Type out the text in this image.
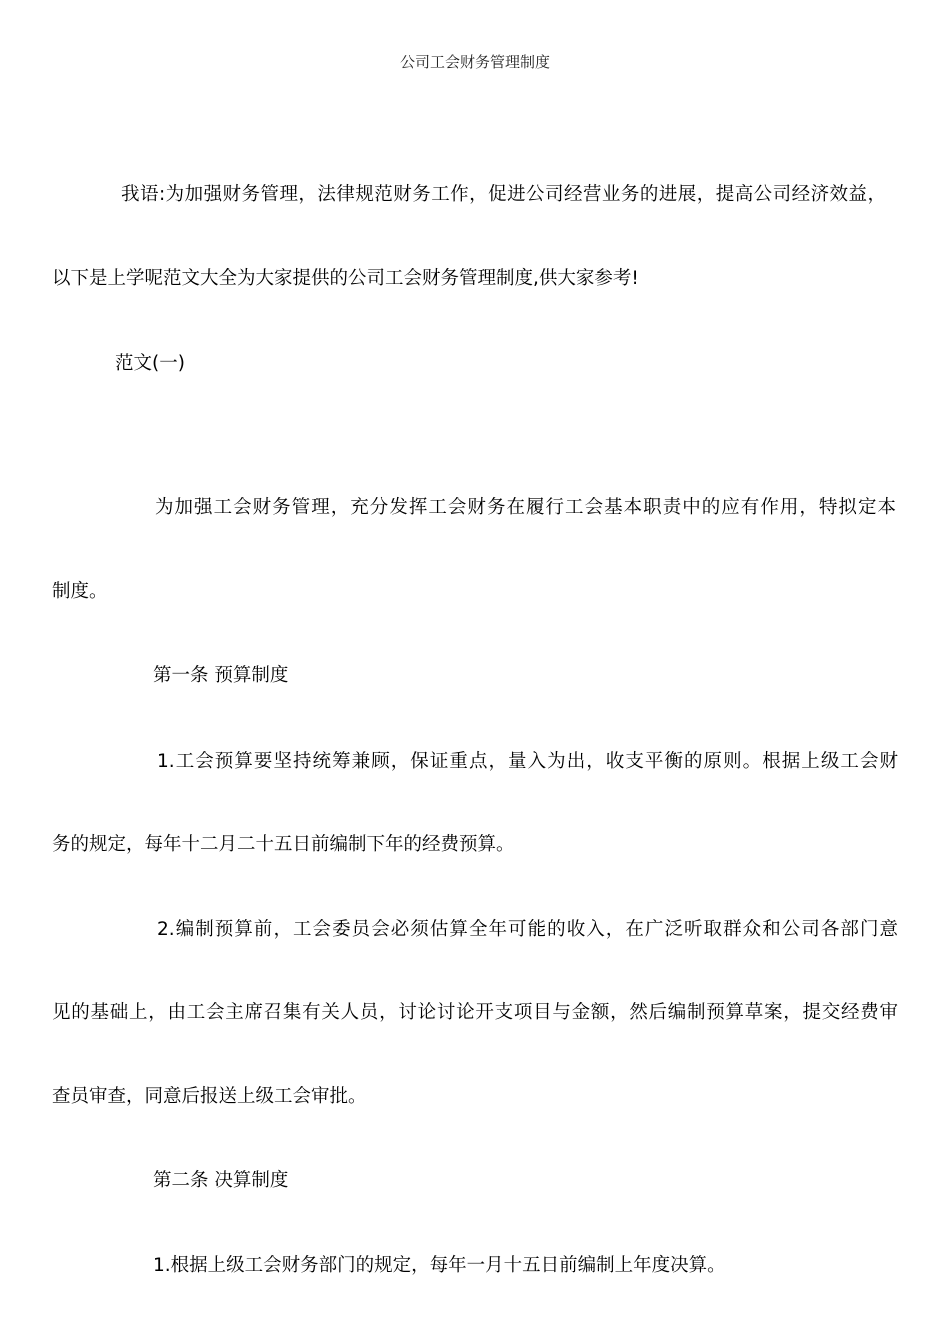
公司工会财务管理制度
我语:为加强财务管理，法律规范财务工作，促进公司经营业务的进展，提高公司经济效益，
以下是上学呢范文大全为大家提供的公司工会财务管理制度,供大家参考!
范文(一)
为加强工会财务管理，充分发挥工会财务在履行工会基本职责中的应有作用，特拟定本
制度。
第一条 预算制度
1.工会预算要坚持统筹兼顾，保证重点，量入为出，收支平衡的原则。根据上级工会财
务的规定，每年十二月二十五日前编制下年的经费预算。
2.编制预算前，工会委员会必须估算全年可能的收入，在广泛听取群众和公司各部门意
见的基础上，由工会主席召集有关人员，讨论讨论开支项目与金额，然后编制预算草案，提交经费审
查员审查，同意后报送上级工会审批。
第二条 决算制度
1.根据上级工会财务部门的规定，每年一月十五日前编制上年度决算。
